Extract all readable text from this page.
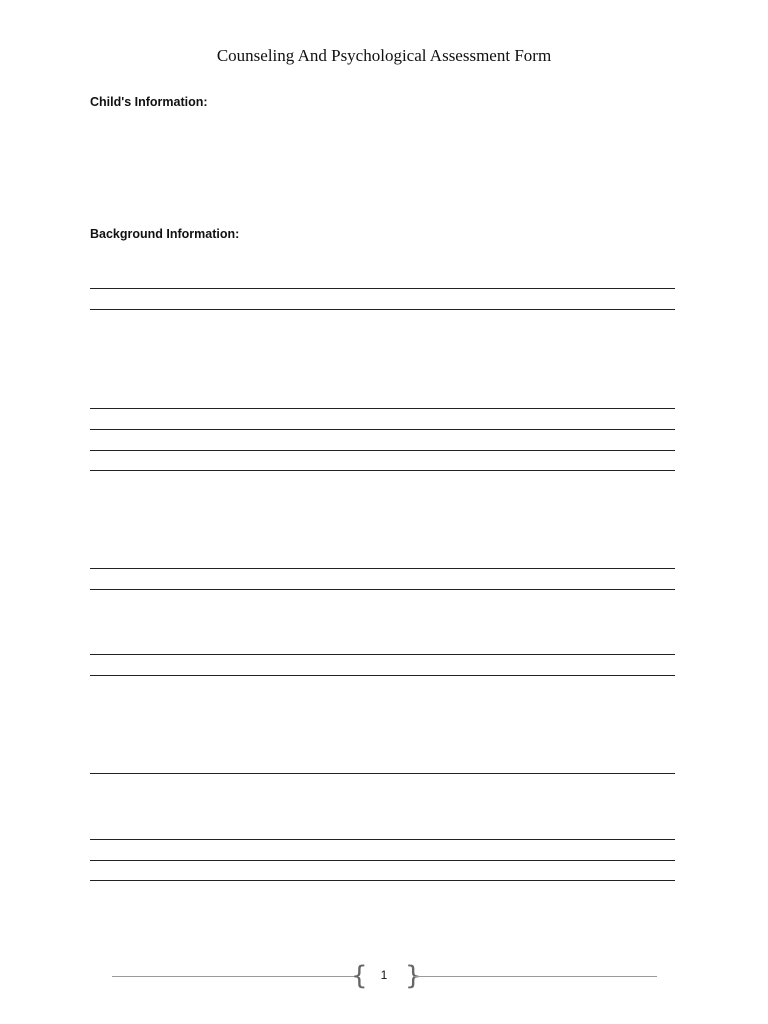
Counseling And Psychological Assessment Form
Child's Information:

Background Information:
{	1 }
